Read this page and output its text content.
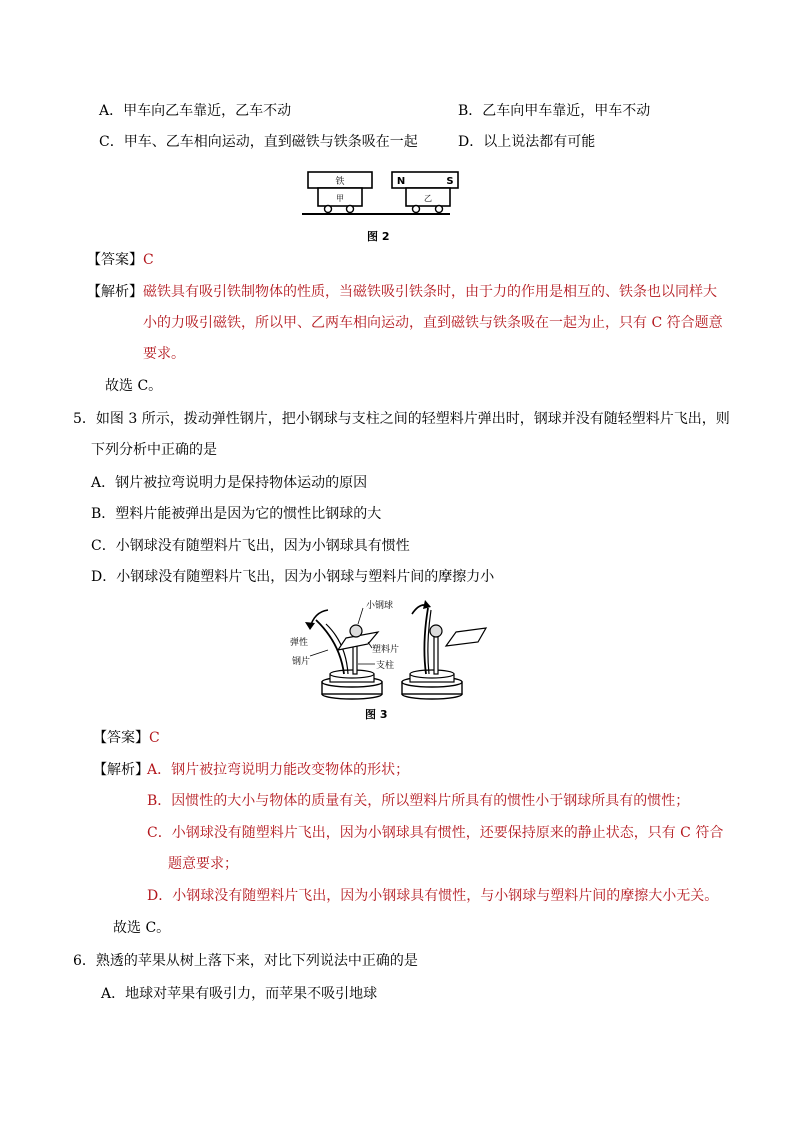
A．甲车向乙车靠近，乙车不动	B．乙车向甲车靠近，甲车不动
C．甲车、乙车相向运动，直到磁铁与铁条吸在一起	D．以上说法都有可能
铁
甲
N	S
乙
图 2
【答案】C
【解析】 磁铁具有吸引铁制物体的性质，当磁铁吸引铁条时，由于力的作用是相互的、铁条也以同样大
小的力吸引磁铁，所以甲、乙两车相向运动，直到磁铁与铁条吸在一起为止，只有 C 符合题意
要求。
故选 C。
5．如图 3 所示，拨动弹性钢片，把小钢球与支柱之间的轻塑料片弹出时，钢球并没有随轻塑料片飞出，则
下列分析中正确的是
A．钢片被拉弯说明力是保持物体运动的原因
B．塑料片能被弹出是因为它的惯性比钢球的大
C．小钢球没有随塑料片飞出，因为小钢球具有惯性
D．小钢球没有随塑料片飞出，因为小钢球与塑料片间的摩擦力小
小钢球
弹性
钢片
塑料片
支柱
图 3
【答案】C
【解析】
A．钢片被拉弯说明力能改变物体的形状；
B．因惯性的大小与物体的质量有关，所以塑料片所具有的惯性小于钢球所具有的惯性；
C．小钢球没有随塑料片飞出，因为小钢球具有惯性，还要保持原来的静止状态，只有 C 符合
题意要求；
D．小钢球没有随塑料片飞出，因为小钢球具有惯性，与小钢球与塑料片间的摩擦大小无关。
故选 C。
6．熟透的苹果从树上落下来，对比下列说法中正确的是
A．地球对苹果有吸引力，而苹果不吸引地球
